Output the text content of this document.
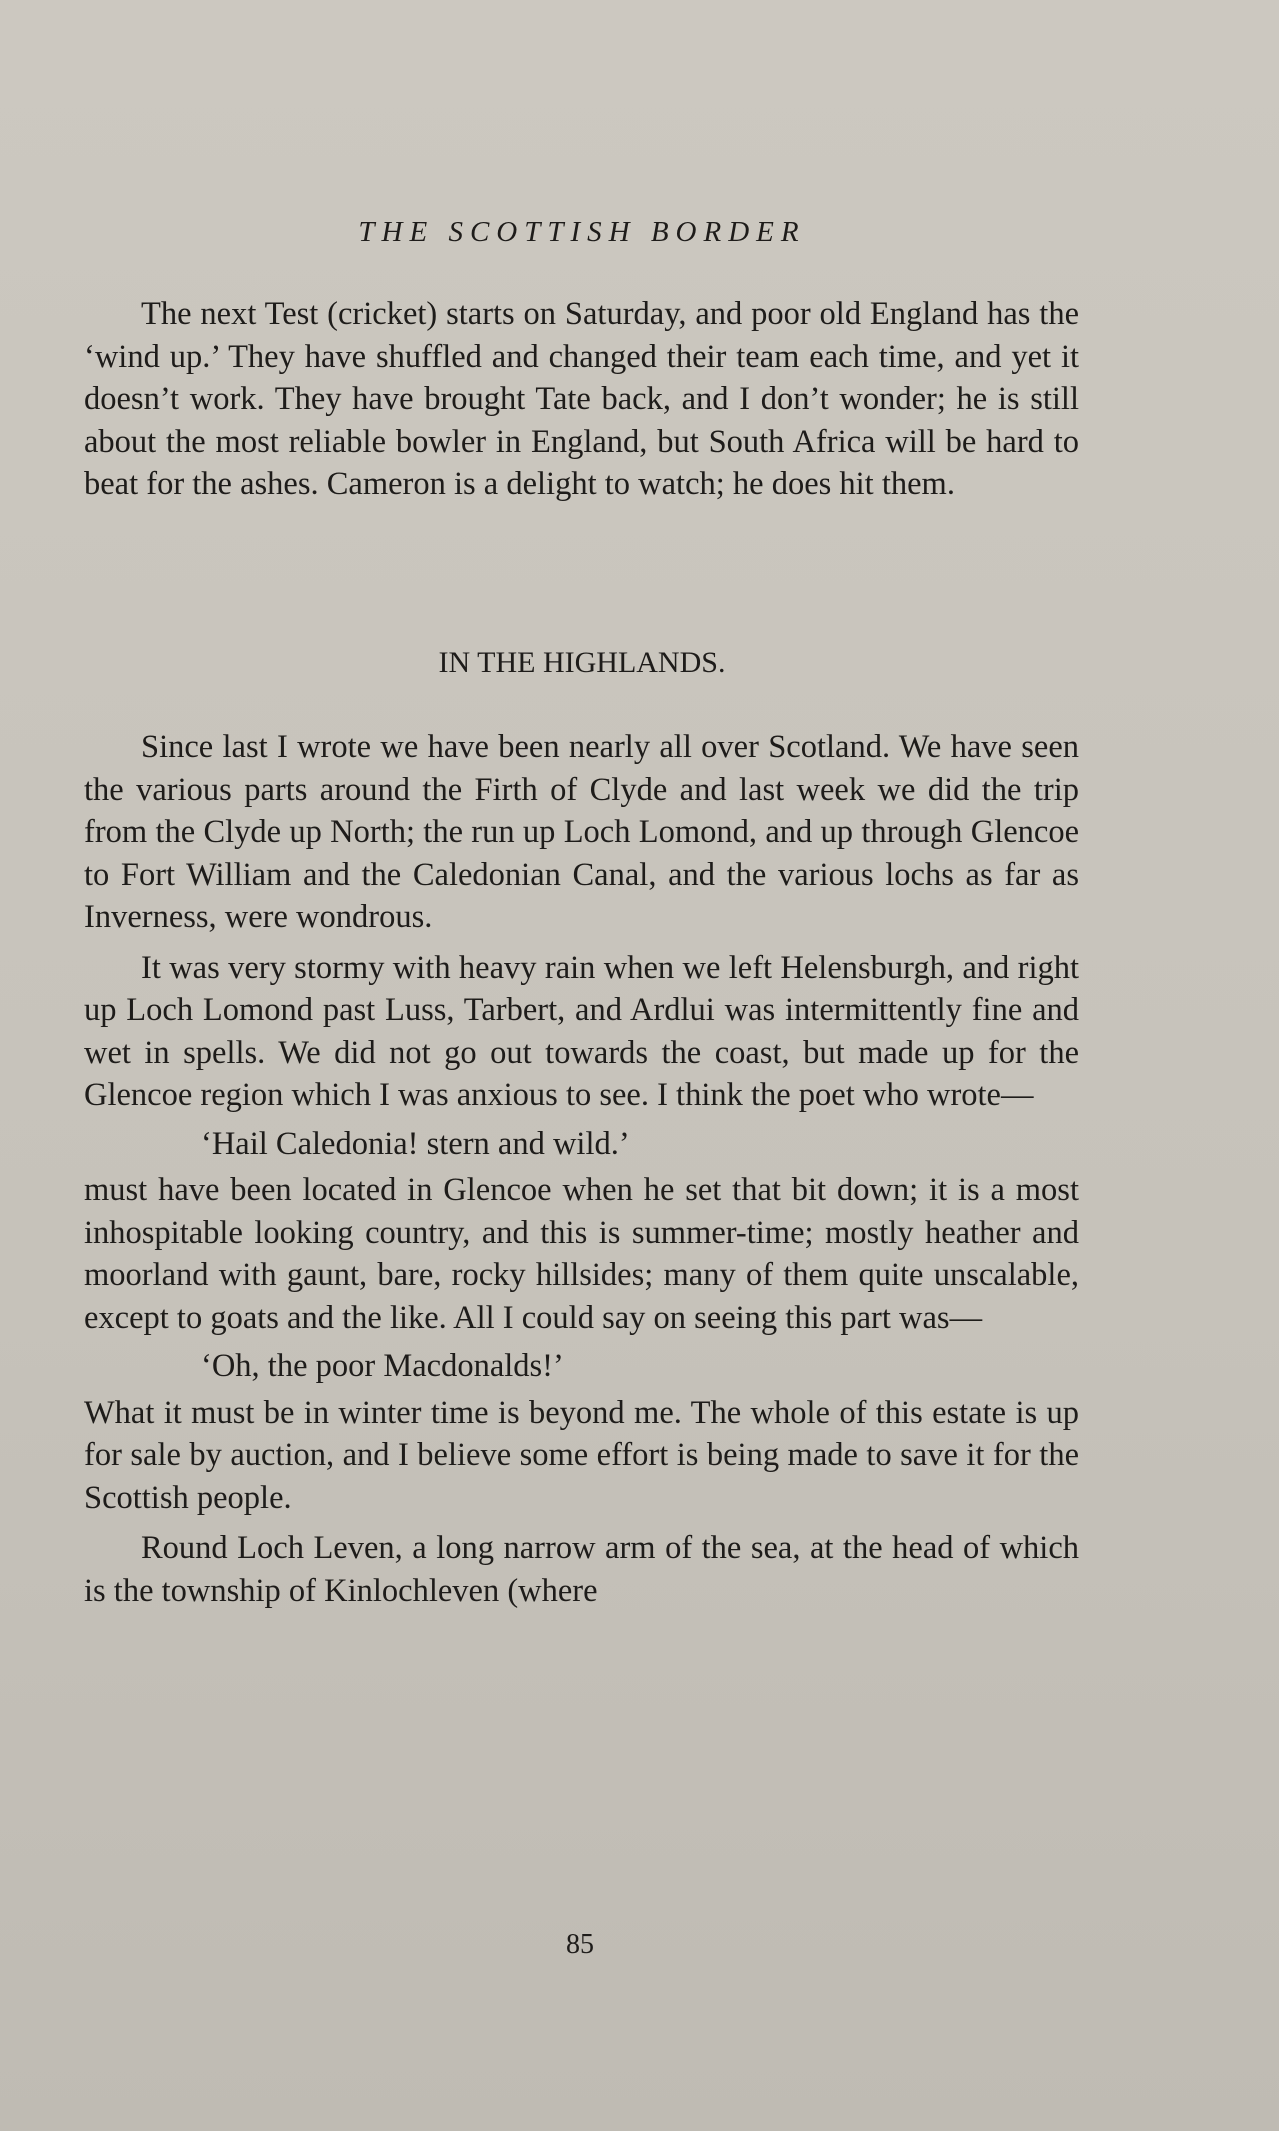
THE SCOTTISH BORDER

The next Test (cricket) starts on Saturday, and poor old England has the ‘wind up.’ They have shuffled and changed their team each time, and yet it doesn’t work. They have brought Tate back, and I don’t wonder; he is still about the most reliable bowler in England, but South Africa will be hard to beat for the ashes. Cameron is a delight to watch; he does hit them.

IN THE HIGHLANDS.

Since last I wrote we have been nearly all over Scotland. We have seen the various parts around the Firth of Clyde and last week we did the trip from the Clyde up North; the run up Loch Lomond, and up through Glencoe to Fort William and the Caledonian Canal, and the various lochs as far as Inverness, were wondrous.

It was very stormy with heavy rain when we left Helensburgh, and right up Loch Lomond past Luss, Tarbert, and Ardlui was intermittently fine and wet in spells. We did not go out towards the coast, but made up for the Glencoe region which I was anxious to see. I think the poet who wrote—

‘Hail Caledonia! stern and wild.’

must have been located in Glencoe when he set that bit down; it is a most inhospitable looking country, and this is summer-time; mostly heather and moorland with gaunt, bare, rocky hillsides; many of them quite unscalable, except to goats and the like. All I could say on seeing this part was—

‘Oh, the poor Macdonalds!’

What it must be in winter time is beyond me. The whole of this estate is up for sale by auction, and I believe some effort is being made to save it for the Scottish people.

Round Loch Leven, a long narrow arm of the sea, at the head of which is the township of Kinlochleven (where

85
